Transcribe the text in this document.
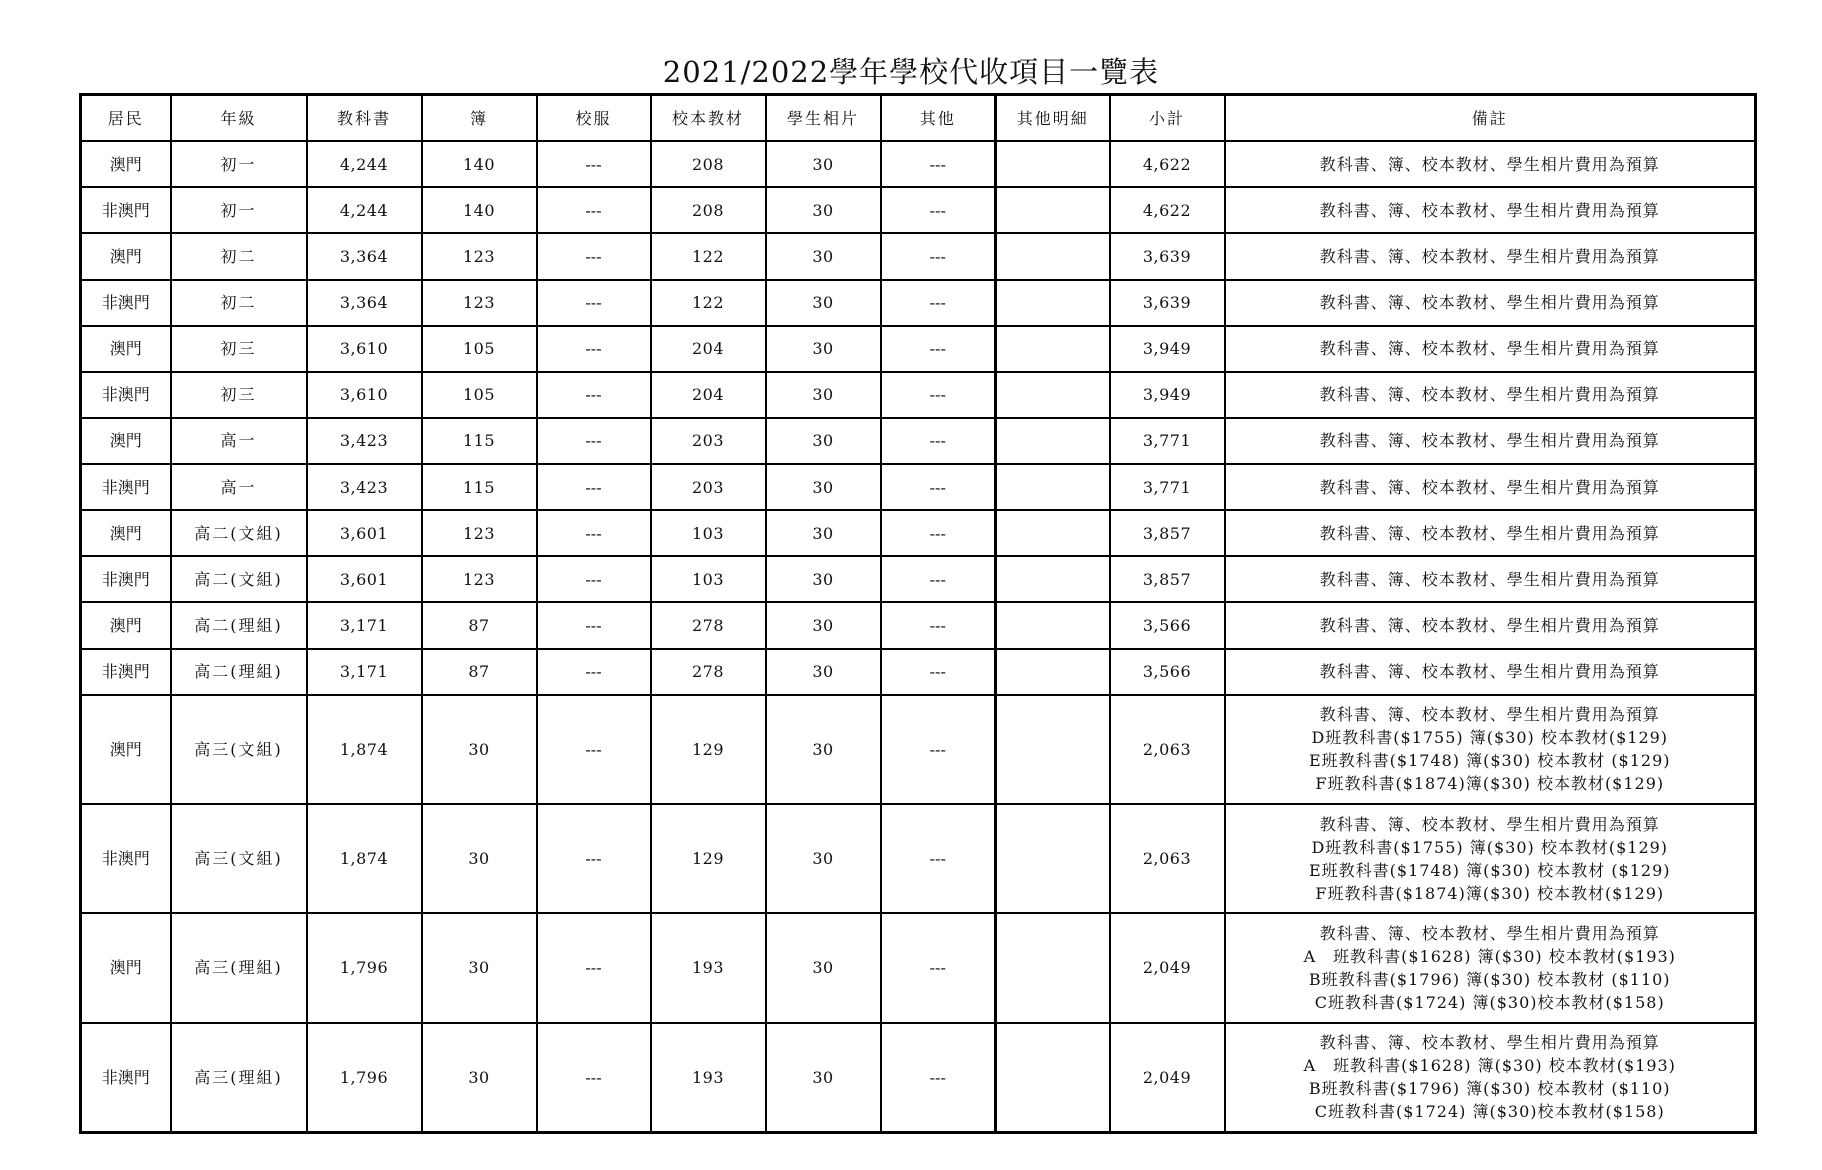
2021/2022學年學校代收項目一覽表
居民	年級	教科書	簿	校服	校本教材	學生相片	其他	其他明細	小計	備註
澳門	初一	4,244	140	---	208	30	---		4,622	教科書、簿、校本教材、學生相片費用為預算

非澳門	初一	4,244	140	---	208	30	---		4,622	教科書、簿、校本教材、學生相片費用為預算

澳門	初二	3,364	123	---	122	30	---		3,639	教科書、簿、校本教材、學生相片費用為預算

非澳門	初二	3,364	123	---	122	30	---		3,639	教科書、簿、校本教材、學生相片費用為預算

澳門	初三	3,610	105	---	204	30	---		3,949	教科書、簿、校本教材、學生相片費用為預算

非澳門	初三	3,610	105	---	204	30	---		3,949	教科書、簿、校本教材、學生相片費用為預算

澳門	高一	3,423	115	---	203	30	---		3,771	教科書、簿、校本教材、學生相片費用為預算

非澳門	高一	3,423	115	---	203	30	---		3,771	教科書、簿、校本教材、學生相片費用為預算

澳門	高二(文組)	3,601	123	---	103	30	---		3,857	教科書、簿、校本教材、學生相片費用為預算

非澳門	高二(文組)	3,601	123	---	103	30	---		3,857	教科書、簿、校本教材、學生相片費用為預算

澳門	高二(理組)	3,171	87	---	278	30	---		3,566	教科書、簿、校本教材、學生相片費用為預算

非澳門	高二(理組)	3,171	87	---	278	30	---		3,566	教科書、簿、校本教材、學生相片費用為預算

澳門	高三(文組)	1,874	30	---	129	30	---		2,063	教科書、簿、校本教材、學生相片費用為預算
D班教科書($1755) 簿($30) 校本教材($129)
E班教科書($1748) 簿($30) 校本教材 ($129)
F班教科書($1874)簿($30) 校本教材($129)

非澳門	高三(文組)	1,874	30	---	129	30	---		2,063	教科書、簿、校本教材、學生相片費用為預算
D班教科書($1755) 簿($30) 校本教材($129)
E班教科書($1748) 簿($30) 校本教材 ($129)
F班教科書($1874)簿($30) 校本教材($129)

澳門	高三(理組)	1,796	30	---	193	30	---		2,049	教科書、簿、校本教材、學生相片費用為預算
A　班教科書($1628) 簿($30) 校本教材($193)
B班教科書($1796) 簿($30) 校本教材 ($110)
C班教科書($1724) 簿($30)校本教材($158)

非澳門	高三(理組)	1,796	30	---	193	30	---		2,049	教科書、簿、校本教材、學生相片費用為預算
A　班教科書($1628) 簿($30) 校本教材($193)
B班教科書($1796) 簿($30) 校本教材 ($110)
C班教科書($1724) 簿($30)校本教材($158)
